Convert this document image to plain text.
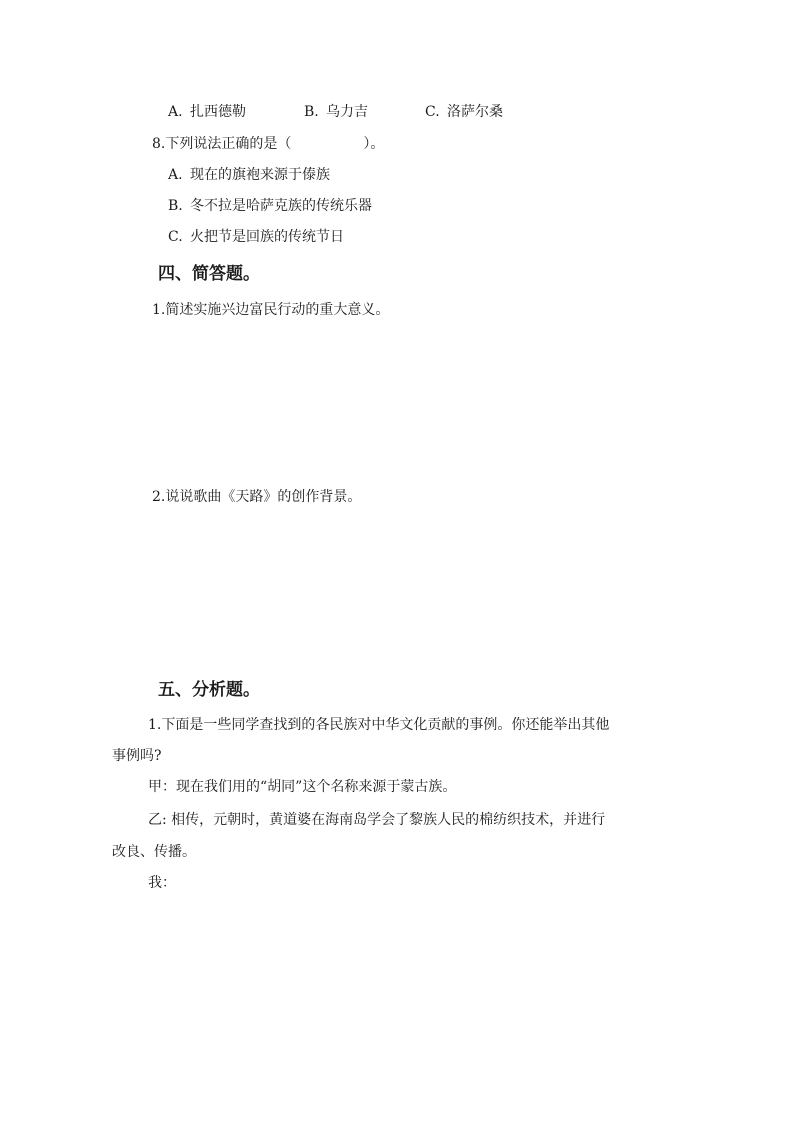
A. 扎西德勒	B. 乌力吉	C. 洛萨尔桑
8.下列说法正确的是（	）。
A. 现在的旗袍来源于傣族
B. 冬不拉是哈萨克族的传统乐器
C. 火把节是回族的传统节日
四、简答题。
1.简述实施兴边富民行动的重大意义。
2.说说歌曲《天路》的创作背景。
五、分析题。
1.下面是一些同学查找到的各民族对中华文化贡献的事例。你还能举出其他
事例吗?
甲：现在我们用的“胡同”这个名称来源于蒙古族。
乙: 相传，元朝时，黄道婆在海南岛学会了黎族人民的棉纺织技术，并进行
改良、传播。
我：
